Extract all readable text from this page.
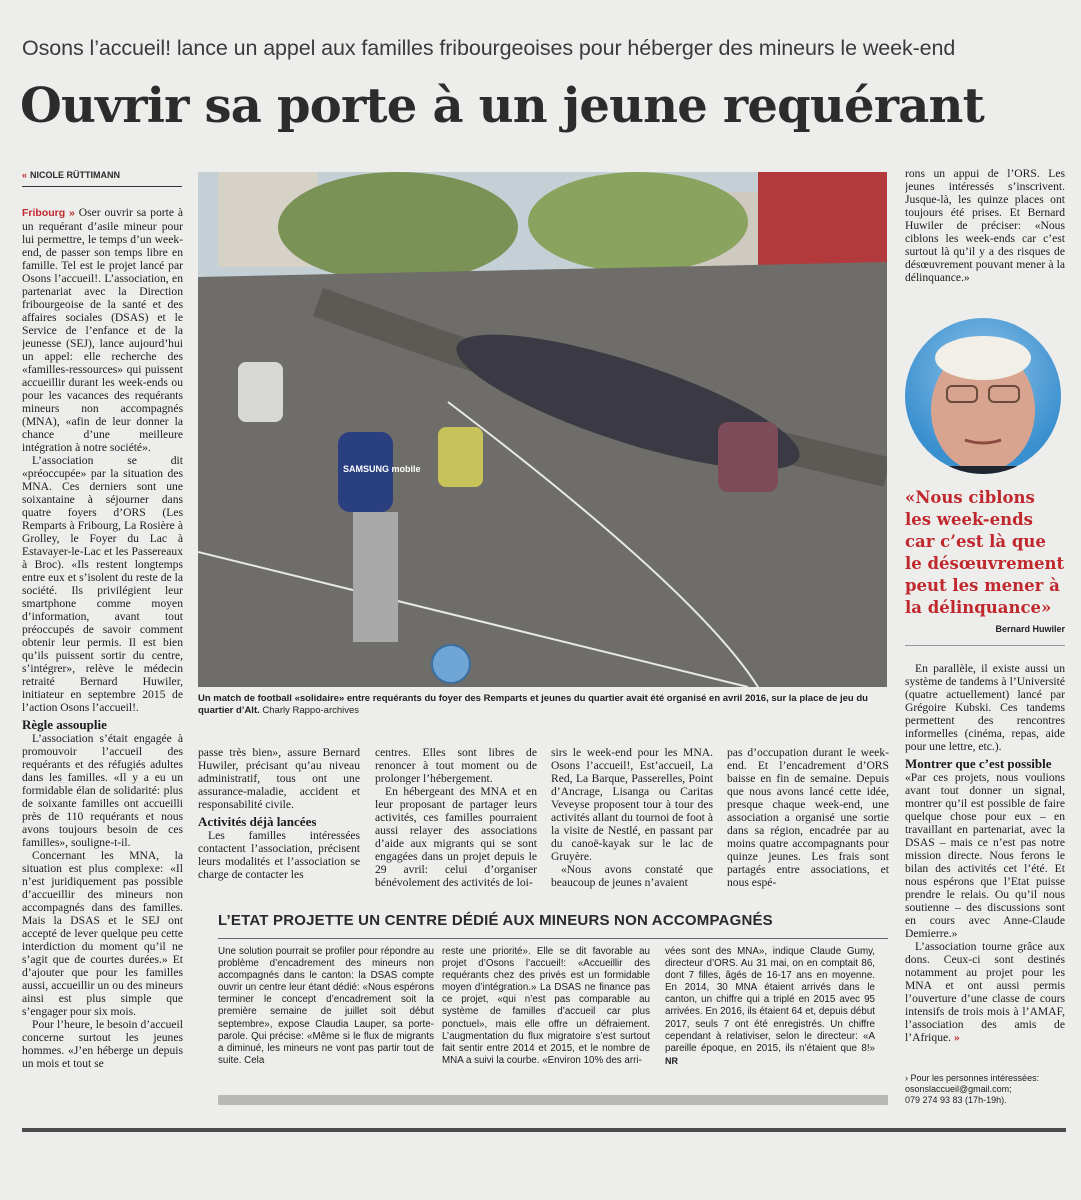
Osons l’accueil! lance un appel aux familles fribourgeoises pour héberger des mineurs le week-end
Ouvrir sa porte à un jeune requérant
« NICOLE RÜTTIMANN

Fribourg » Oser ouvrir sa porte à un requérant d’asile mineur pour lui permettre, le temps d’un week-end, de passer son temps libre en famille. Tel est le projet lancé par Osons l’accueil!. L’association, en partenariat avec la Direction fribourgeoise de la santé et des affaires sociales (DSAS) et le Service de l’enfance et de la jeunesse (SEJ), lance aujourd’hui un appel: elle recherche des «familles-ressources» qui puissent accueillir durant les week-ends ou pour les vacances des requérants mineurs non accompagnés (MNA), «afin de leur donner la chance d’une meilleure intégration à notre société».

L’association se dit «préoccupée» par la situation des MNA. Ces derniers sont une soixantaine à séjourner dans quatre foyers d’ORS (Les Remparts à Fribourg, La Rosière à Grolley, le Foyer du Lac à Estavayer-le-Lac et les Passereaux à Broc). «Ils restent longtemps entre eux et s’isolent du reste de la société. Ils privilégient leur smartphone comme moyen d’information, avant tout préoccupés de savoir comment obtenir leur permis. Il est bien qu’ils puissent sortir du centre, s’intégrer», relève le médecin retraité Bernard Huwiler, initiateur en septembre 2015 de l’action Osons l’accueil!.

Règle assouplie

L’association s’était engagée à promouvoir l’accueil des requérants et des réfugiés adultes dans les familles. «Il y a eu un formidable élan de solidarité: plus de soixante familles ont accueilli près de 110 requérants et nous avons toujours besoin de ces familles», souligne-t-il.

Concernant les MNA, la situation est plus complexe: «Il n’est juridiquement pas possible d’accueillir des mineurs non accompagnés dans des familles. Mais la DSAS et le SEJ ont accepté de lever quelque peu cette interdiction du moment qu’il ne s’agit que de courtes durées.» Et d’ajouter que pour les familles aussi, accueillir un ou des mineurs ainsi est plus simple que s’engager pour six mois.

Pour l’heure, le besoin d’accueil concerne surtout les jeunes hommes. «J’en héberge un depuis un mois et tout se

SAMSUNG mobile
Un match de football «solidaire» entre requérants du foyer des Remparts et jeunes du quartier avait été organisé en avril 2016, sur la place de jeu du quartier d’Alt. Charly Rappo-archives

passe très bien», assure Bernard Huwiler, précisant qu’au niveau administratif, tous ont une assurance-maladie, accident et responsabilité civile.

Activités déjà lancées

Les familles intéressées contactent l’association, précisent leurs modalités et l’association se charge de contacter les

centres. Elles sont libres de renoncer à tout moment ou de prolonger l’hébergement.

En hébergeant des MNA et en leur proposant de partager leurs activités, ces familles pourraient aussi relayer des associations d’aide aux migrants qui se sont engagées dans un projet depuis le 29 avril: celui d’organiser bénévolement des activités de loi-

sirs le week-end pour les MNA. Osons l’accueil!, Est’accueil, La Red, La Barque, Passerelles, Point d’Ancrage, Lisanga ou Caritas Veveyse proposent tour à tour des activités allant du tournoi de foot à la visite de Nestlé, en passant par du canoë-kayak sur le lac de Gruyère.

«Nous avons constaté que beaucoup de jeunes n’avaient

pas d’occupation durant le week-end. Et l’encadrement d’ORS baisse en fin de semaine. Depuis que nous avons lancé cette idée, presque chaque week-end, une association a organisé une sortie dans sa région, encadrée par au moins quatre accompagnants pour quinze jeunes. Les frais sont partagés entre associations, et nous espé-

rons un appui de l’ORS. Les jeunes intéressés s’inscrivent. Jusque-là, les quinze places ont toujours été prises. Et Bernard Huwiler de préciser: «Nous ciblons les week-ends car c’est surtout là qu’il y a des risques de désœuvrement pouvant mener à la délinquance.»

«Nous ciblons les week-ends car c’est là que le désœuvrement peut les mener à la délinquance»
Bernard Huwiler

En parallèle, il existe aussi un système de tandems à l’Université (quatre actuellement) lancé par Grégoire Kubski. Ces tandems permettent des rencontres informelles (cinéma, repas, aide pour une lettre, etc.).

Montrer que c’est possible

«Par ces projets, nous voulions avant tout donner un signal, montrer qu’il est possible de faire quelque chose pour eux – en travaillant en partenariat, avec la DSAS – mais ce n’est pas notre mission directe. Nous ferons le bilan des activités cet l’été. Et nous espérons que l’Etat puisse prendre le relais. Ou qu’il nous soutienne – des discussions sont en cours avec Anne-Claude Demierre.»

L’association tourne grâce aux dons. Ceux-ci sont destinés notamment au projet pour les MNA et ont aussi permis l’ouverture d’une classe de cours intensifs de trois mois à l’AMAF, l’association des amis de l’Afrique. »

› Pour les personnes intéressées:
osonslaccueil@gmail.com;
079 274 93 83 (17h-19h).
L’ETAT PROJETTE UN CENTRE DÉDIÉ AUX MINEURS NON ACCOMPAGNÉS

Une solution pourrait se profiler pour répondre au problème d’encadrement des mineurs non accompagnés dans le canton: la DSAS compte ouvrir un centre leur étant dédié: «Nous espérons terminer le concept d’encadrement soit la première semaine de juillet soit début septembre», expose Claudia Lauper, sa porte-parole. Qui précise: «Même si le flux de migrants a diminué, les mineurs ne vont pas partir tout de suite. Cela

reste une priorité». Elle se dit favorable au projet d’Osons l’accueil!: «Accueillir des requérants chez des privés est un formidable moyen d’intégration.» La DSAS ne finance pas ce projet, «qui n’est pas comparable au système de familles d’accueil car plus ponctuel», mais elle offre un défraiement. L’augmentation du flux migratoire s’est surtout fait sentir entre 2014 et 2015, et le nombre de MNA a suivi la courbe. «Environ 10% des arri-

vées sont des MNA», indique Claude Gumy, directeur d’ORS. Au 31 mai, on en comptait 86, dont 7 filles, âgés de 16-17 ans en moyenne. En 2014, 30 MNA étaient arrivés dans le canton, un chiffre qui a triplé en 2015 avec 95 arrivées. En 2016, ils étaient 64 et, depuis début 2017, seuls 7 ont été enregistrés. Un chiffre cependant à relativiser, selon le directeur: «A pareille époque, en 2015, ils n’étaient que 8!» NR
